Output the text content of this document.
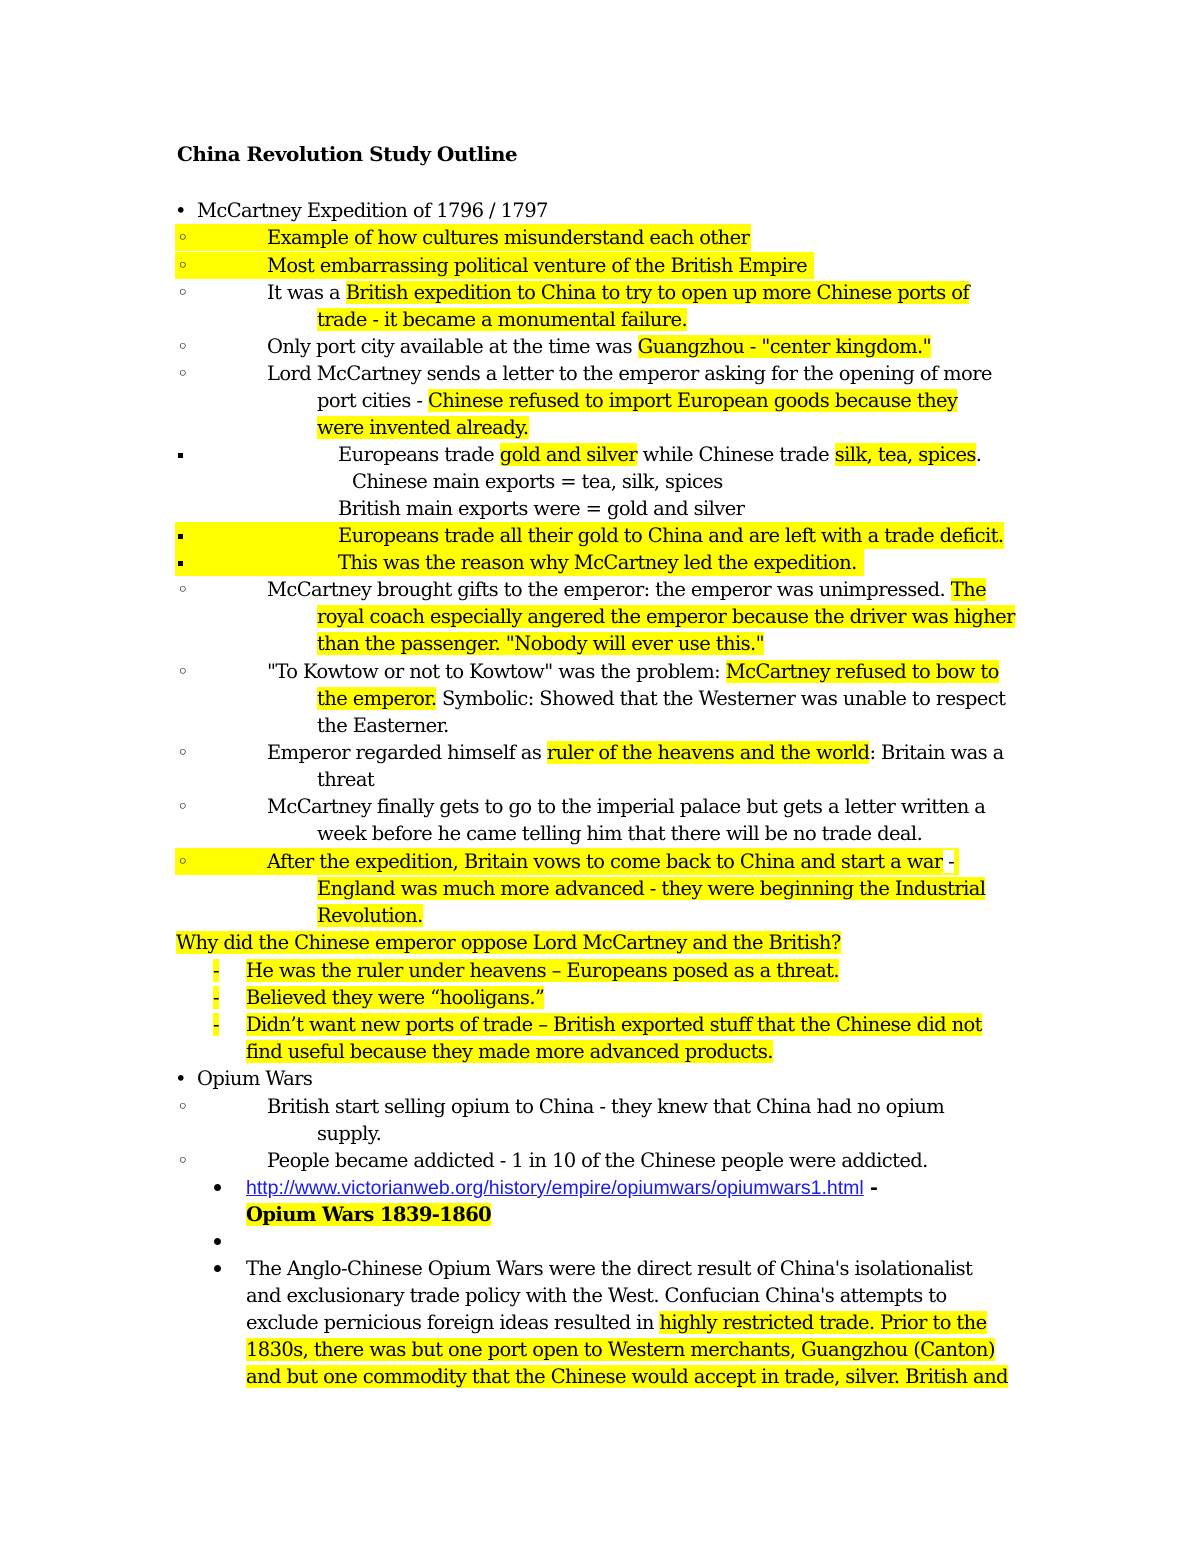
China Revolution Study Outline
• McCartney Expedition of 1796 / 1797
◦	Example of how cultures misunderstand each other
◦	Most embarrassing political venture of the British Empire
◦	It was a British expedition to China to try to open up more Chinese ports of
trade - it became a monumental failure.
◦	Only port city available at the time was Guangzhou - "center kingdom."
◦	Lord McCartney sends a letter to the emperor asking for the opening of more
port cities - Chinese refused to import European goods because they
were invented already.
Europeans trade gold and silver while Chinese trade silk, tea, spices.
Chinese main exports = tea, silk, spices
British main exports were = gold and silver
Europeans trade all their gold to China and are left with a trade deficit.
This was the reason why McCartney led the expedition.
◦	McCartney brought gifts to the emperor: the emperor was unimpressed. The
royal coach especially angered the emperor because the driver was higher
than the passenger. "Nobody will ever use this."
◦	"To Kowtow or not to Kowtow" was the problem: McCartney refused to bow to
the emperor. Symbolic: Showed that the Westerner was unable to respect
the Easterner.
◦	Emperor regarded himself as ruler of the heavens and the world: Britain was a
threat
◦	McCartney finally gets to go to the imperial palace but gets a letter written a
week before he came telling him that there will be no trade deal.
◦	After the expedition, Britain vows to come back to China and start a war -
England was much more advanced - they were beginning the Industrial
Revolution.
Why did the Chinese emperor oppose Lord McCartney and the British?
- He was the ruler under heavens – Europeans posed as a threat.
- Believed they were “hooligans.”
- Didn’t want new ports of trade – British exported stuff that the Chinese did not
find useful because they made more advanced products.
• Opium Wars
◦	British start selling opium to China - they knew that China had no opium
supply.
◦	People became addicted - 1 in 10 of the Chinese people were addicted.
http://www.victorianweb.org/history/empire/opiumwars/opiumwars1.html -
Opium Wars 1839-1860
The Anglo-Chinese Opium Wars were the direct result of China's isolationalist
and exclusionary trade policy with the West. Confucian China's attempts to
exclude pernicious foreign ideas resulted in highly restricted trade. Prior to the
1830s, there was but one port open to Western merchants, Guangzhou (Canton)
and but one commodity that the Chinese would accept in trade, silver. British and
